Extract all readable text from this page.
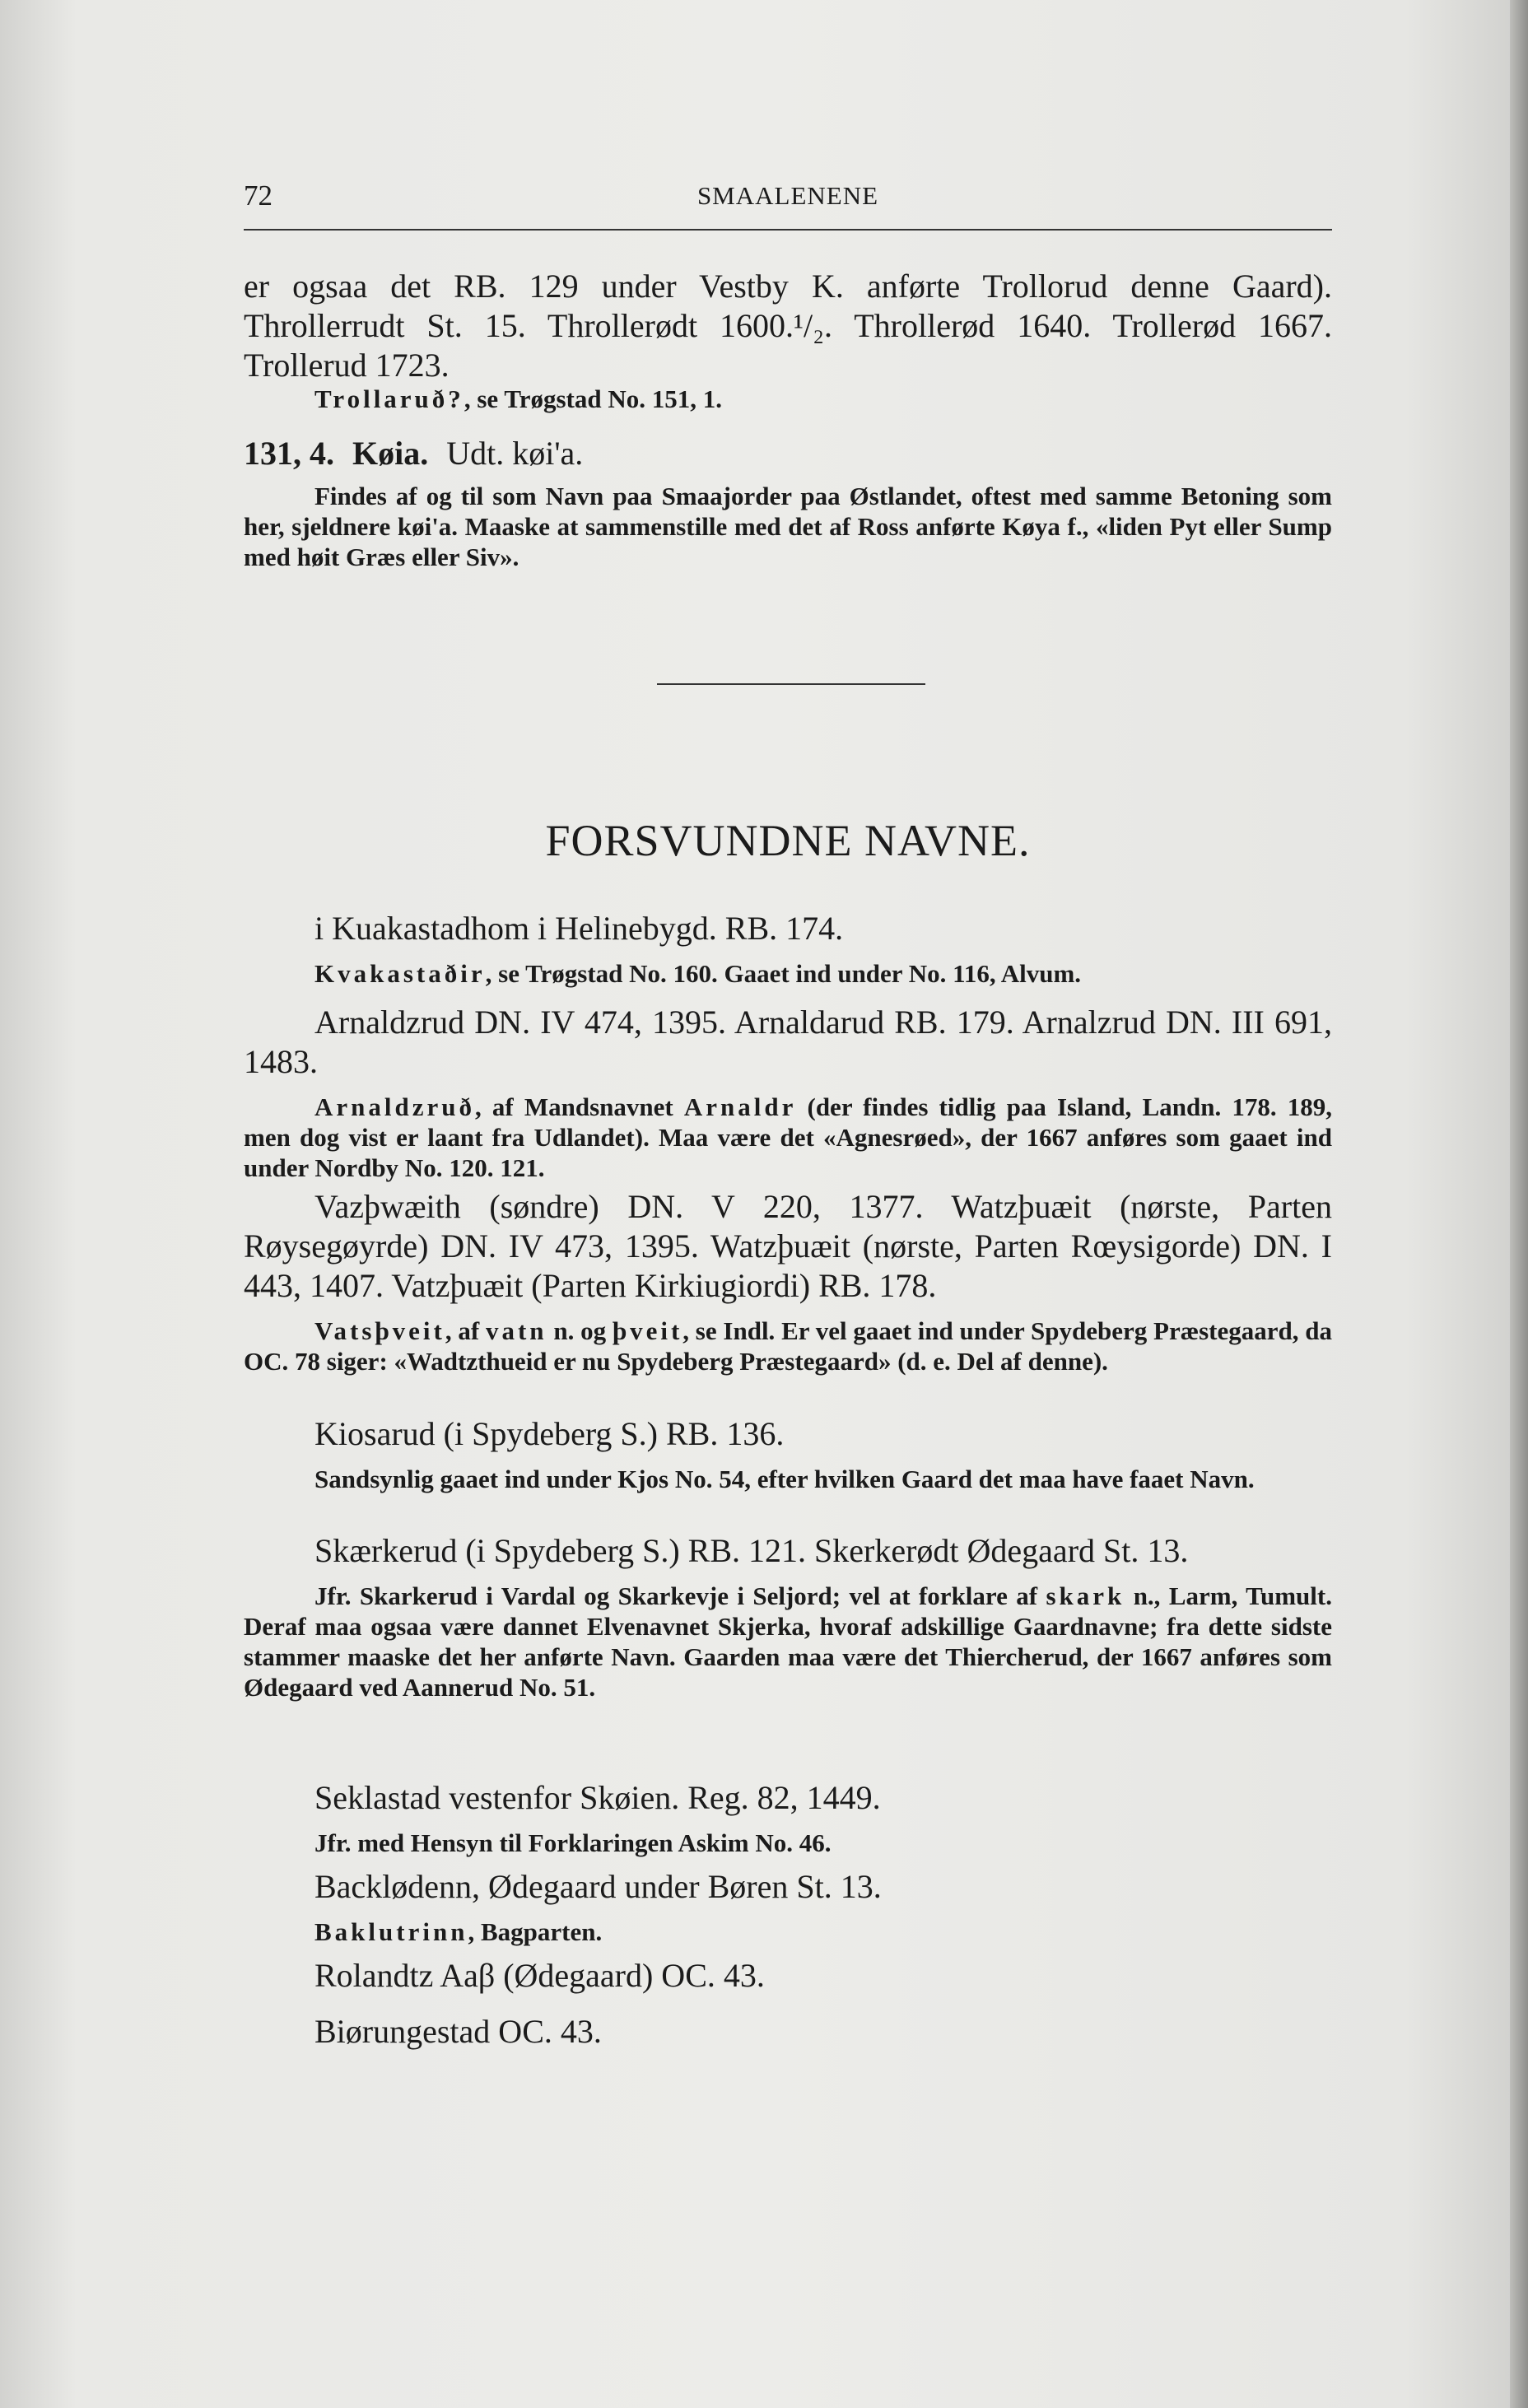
72	SMAALENENE

er ogsaa det RB. 129 under Vestby K. anførte Trollorud denne Gaard). Throllerrudt St. 15. Throllerødt 1600.¹/₂. Throllerød 1640. Trollerød 1667. Trollerud 1723.

Trollaruð?, se Trøgstad No. 151, 1.

131, 4. Køia. Udt. køi'a.

Findes af og til som Navn paa Smaajorder paa Østlandet, oftest med samme Betoning som her, sjeldnere køi'a. Maaske at sammenstille med det af Ross anførte Køya f., «liden Pyt eller Sump med høit Græs eller Siv».

FORSVUNDNE NAVNE.

i Kuakastadhom i Helinebygd. RB. 174.

Kvakastaðir, se Trøgstad No. 160. Gaaet ind under No. 116, Alvum.

Arnaldzrud DN. IV 474, 1395. Arnaldarud RB. 179. Arnalzrud DN. III 691, 1483.

Arnaldzruð, af Mandsnavnet Arnaldr (der findes tidlig paa Island, Landn. 178. 189, men dog vist er laant fra Udlandet). Maa være det «Agnesrøed», der 1667 anføres som gaaet ind under Nordby No. 120. 121.

Vazþwæith (søndre) DN. V 220, 1377. Watzþuæit (nørste, Parten Røysegøyrde) DN. IV 473, 1395. Watzþuæit (nørste, Parten Rœysigorde) DN. I 443, 1407. Vatzþuæit (Parten Kirkiugiordi) RB. 178.

Vatsþveit, af vatn n. og þveit, se Indl. Er vel gaaet ind under Spydeberg Præstegaard, da OC. 78 siger: «Wadtzthueid er nu Spydeberg Præstegaard» (d. e. Del af denne).

Kiosarud (i Spydeberg S.) RB. 136.

Sandsynlig gaaet ind under Kjos No. 54, efter hvilken Gaard det maa have faaet Navn.

Skærkerud (i Spydeberg S.) RB. 121. Skerkerødt Ødegaard St. 13.

Jfr. Skarkerud i Vardal og Skarkevje i Seljord; vel at forklare af skark n., Larm, Tumult. Deraf maa ogsaa være dannet Elvenavnet Skjerka, hvoraf adskillige Gaardnavne; fra dette sidste stammer maaske det her anførte Navn. Gaarden maa være det Thiercherud, der 1667 anføres som Ødegaard ved Aannerud No. 51.

Seklastad vestenfor Skøien. Reg. 82, 1449.

Jfr. med Hensyn til Forklaringen Askim No. 46.

Backlødenn, Ødegaard under Børen St. 13.

Baklutrinn, Bagparten.

Rolandtz Aaβ (Ødegaard) OC. 43.

Biørungestad OC. 43.
